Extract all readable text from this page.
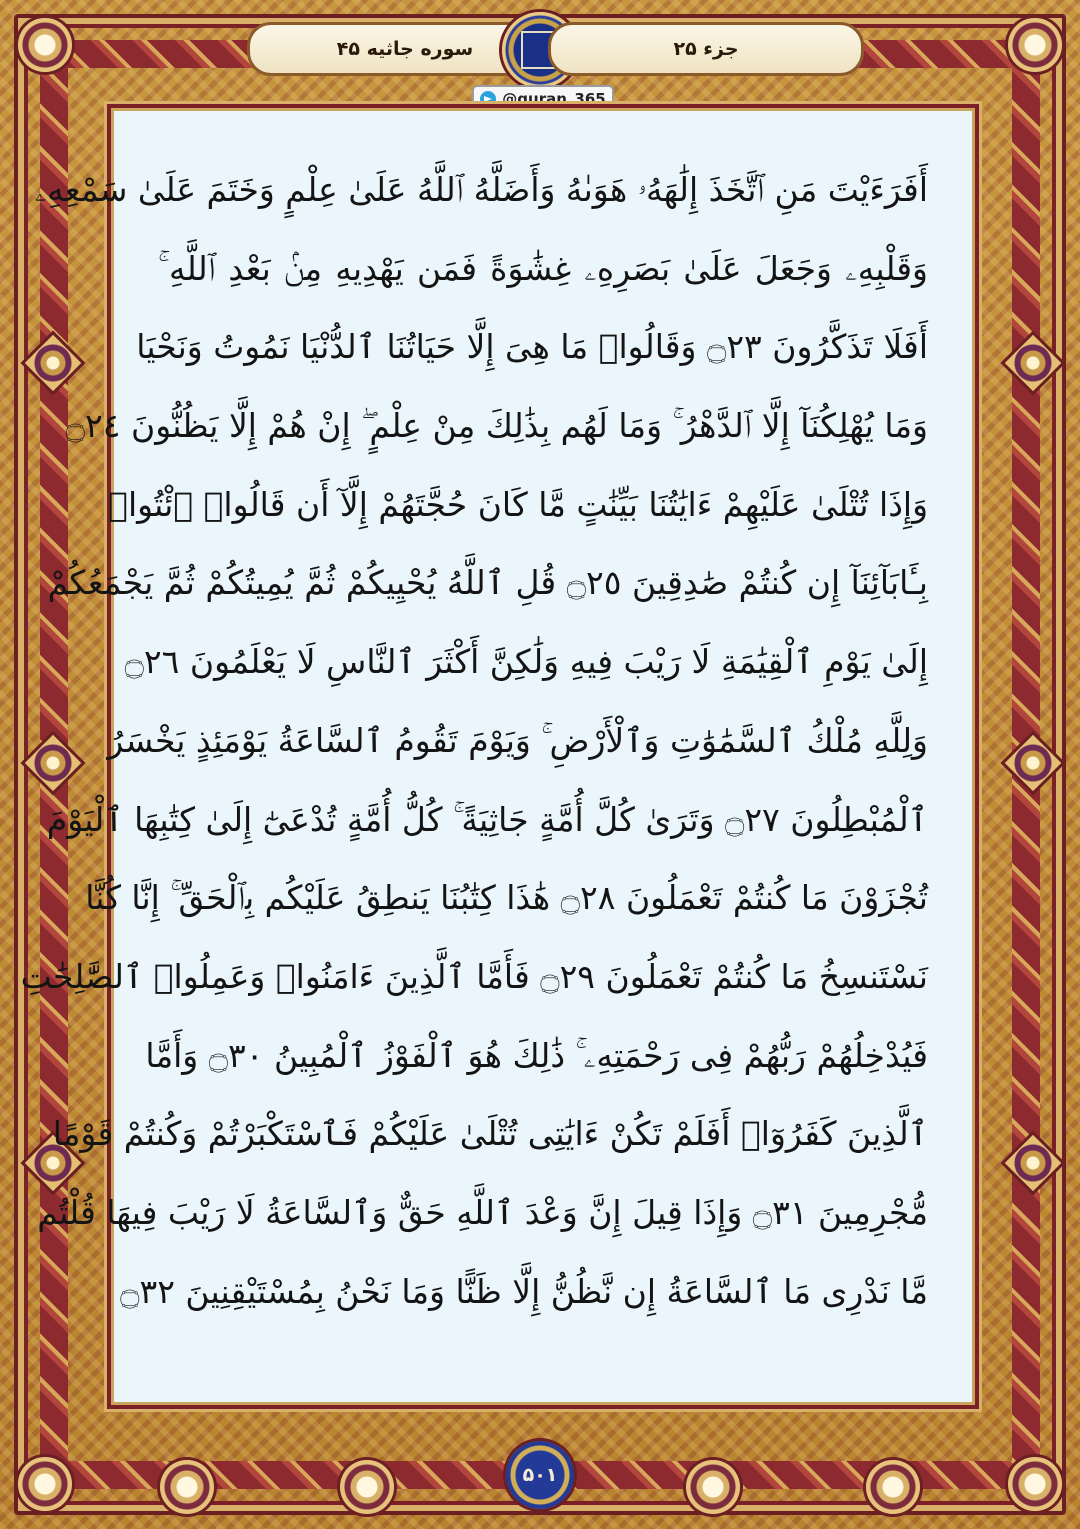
سوره جاثيه ۴۵	جزء ۲۵
@quran_365
أَفَرَءَيْتَ مَنِ ٱتَّخَذَ إِلَٰهَهُۥ هَوَىٰهُ وَأَضَلَّهُ ٱللَّهُ عَلَىٰ عِلْمٍ وَخَتَمَ عَلَىٰ سَمْعِهِۦ
وَقَلْبِهِۦ وَجَعَلَ عَلَىٰ بَصَرِهِۦ غِشَٰوَةً فَمَن يَهْدِيهِ مِنۢ بَعْدِ ٱللَّهِ ۚ
أَفَلَا تَذَكَّرُونَ ۝٢٣ وَقَالُوا۟ مَا هِىَ إِلَّا حَيَاتُنَا ٱلدُّنْيَا نَمُوتُ وَنَحْيَا
وَمَا يُهْلِكُنَآ إِلَّا ٱلدَّهْرُ ۚ وَمَا لَهُم بِذَٰلِكَ مِنْ عِلْمٍ ۖ إِنْ هُمْ إِلَّا يَظُنُّونَ ۝٢٤
وَإِذَا تُتْلَىٰ عَلَيْهِمْ ءَايَٰتُنَا بَيِّنَٰتٍ مَّا كَانَ حُجَّتَهُمْ إِلَّآ أَن قَالُوا۟ ٱئْتُوا۟
بِـَٔابَآئِنَآ إِن كُنتُمْ صَٰدِقِينَ ۝٢٥ قُلِ ٱللَّهُ يُحْيِيكُمْ ثُمَّ يُمِيتُكُمْ ثُمَّ يَجْمَعُكُمْ
إِلَىٰ يَوْمِ ٱلْقِيَٰمَةِ لَا رَيْبَ فِيهِ وَلَٰكِنَّ أَكْثَرَ ٱلنَّاسِ لَا يَعْلَمُونَ ۝٢٦
وَلِلَّهِ مُلْكُ ٱلسَّمَٰوَٰتِ وَٱلْأَرْضِ ۚ وَيَوْمَ تَقُومُ ٱلسَّاعَةُ يَوْمَئِذٍ يَخْسَرُ
ٱلْمُبْطِلُونَ ۝٢٧ وَتَرَىٰ كُلَّ أُمَّةٍ جَاثِيَةً ۚ كُلُّ أُمَّةٍ تُدْعَىٰٓ إِلَىٰ كِتَٰبِهَا ٱلْيَوْمَ
تُجْزَوْنَ مَا كُنتُمْ تَعْمَلُونَ ۝٢٨ هَٰذَا كِتَٰبُنَا يَنطِقُ عَلَيْكُم بِٱلْحَقِّ ۚ إِنَّا كُنَّا
نَسْتَنسِخُ مَا كُنتُمْ تَعْمَلُونَ ۝٢٩ فَأَمَّا ٱلَّذِينَ ءَامَنُوا۟ وَعَمِلُوا۟ ٱلصَّٰلِحَٰتِ
فَيُدْخِلُهُمْ رَبُّهُمْ فِى رَحْمَتِهِۦ ۚ ذَٰلِكَ هُوَ ٱلْفَوْزُ ٱلْمُبِينُ ۝٣٠ وَأَمَّا
ٱلَّذِينَ كَفَرُوٓا۟ أَفَلَمْ تَكُنْ ءَايَٰتِى تُتْلَىٰ عَلَيْكُمْ فَٱسْتَكْبَرْتُمْ وَكُنتُمْ قَوْمًا
مُّجْرِمِينَ ۝٣١ وَإِذَا قِيلَ إِنَّ وَعْدَ ٱللَّهِ حَقٌّ وَٱلسَّاعَةُ لَا رَيْبَ فِيهَا قُلْتُم
مَّا نَدْرِى مَا ٱلسَّاعَةُ إِن نَّظُنُّ إِلَّا ظَنًّا وَمَا نَحْنُ بِمُسْتَيْقِنِينَ ۝٣٢
۵۰۱
